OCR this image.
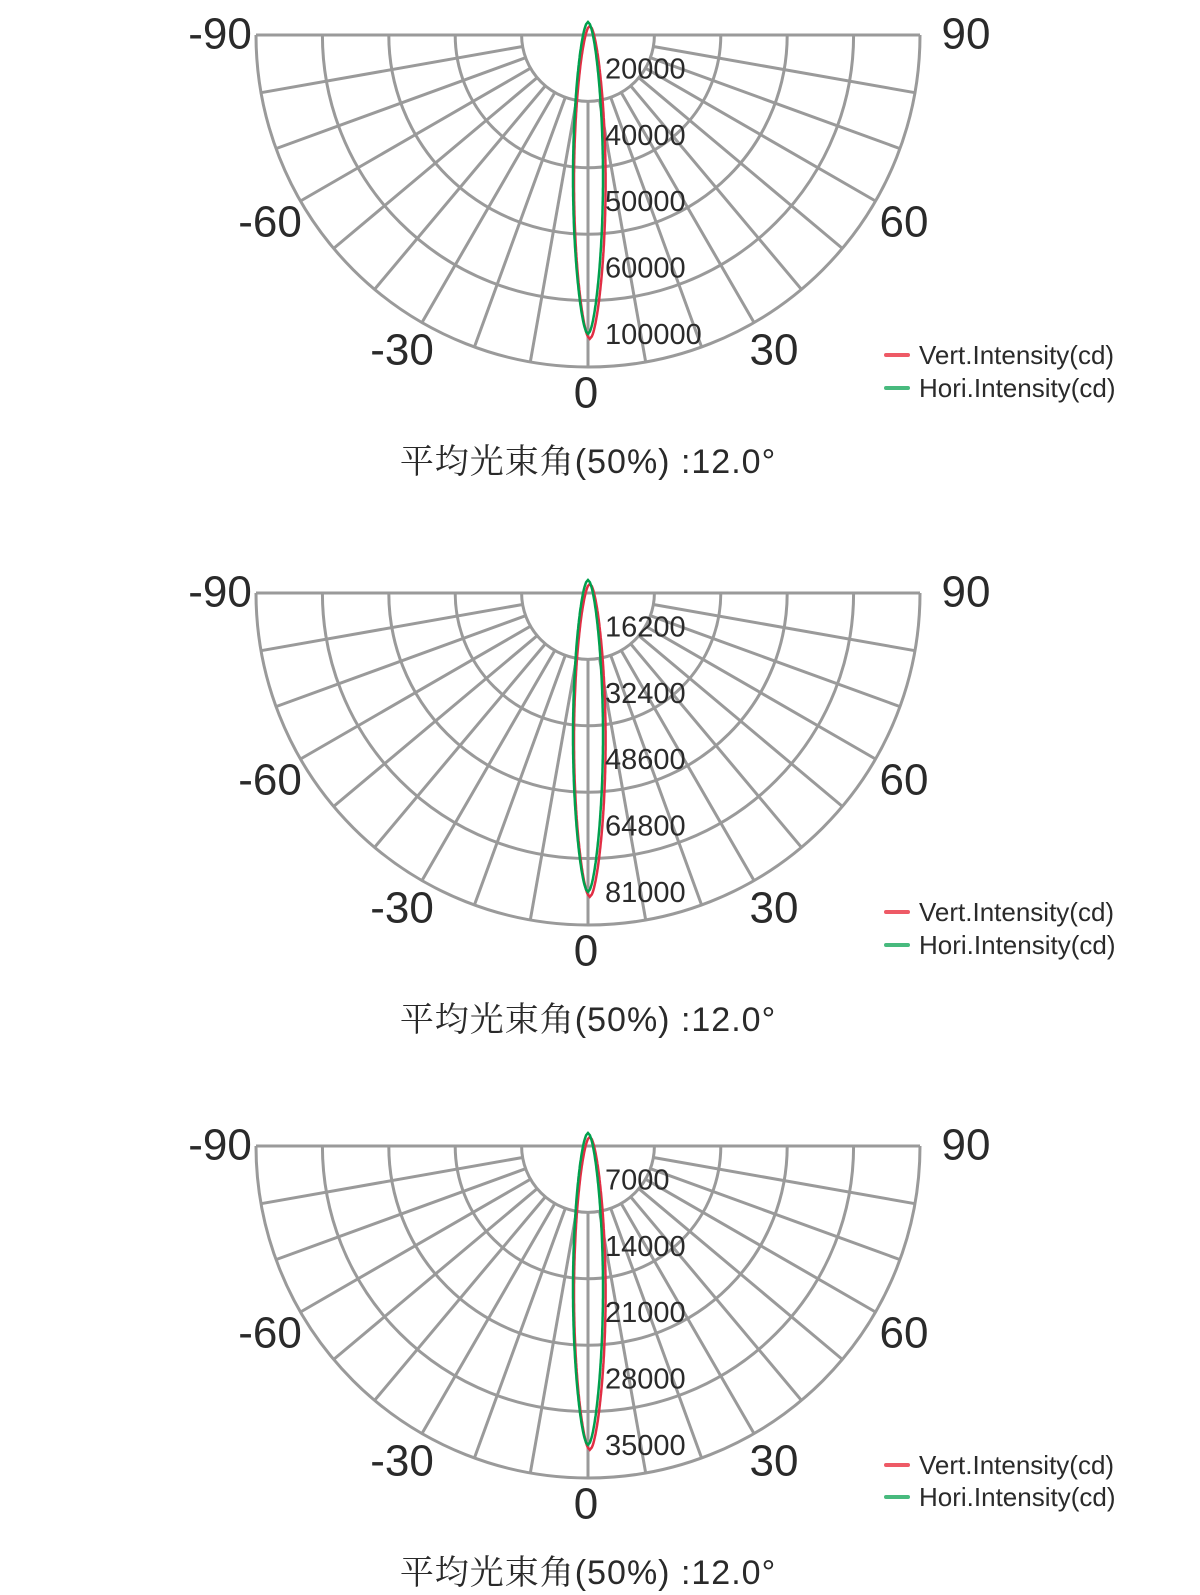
20000
40000
50000
60000
100000
-90
-60
-30
0
30
60
90
Vert.Intensity(cd)
Hori.Intensity(cd)
平均光束角(50%) :12.0°
16200
32400
48600
64800
81000
-90
-60
-30
0
30
60
90
Vert.Intensity(cd)
Hori.Intensity(cd)
平均光束角(50%) :12.0°
7000
14000
21000
28000
35000
-90
-60
-30
0
30
60
90
Vert.Intensity(cd)
Hori.Intensity(cd)
平均光束角(50%) :12.0°
